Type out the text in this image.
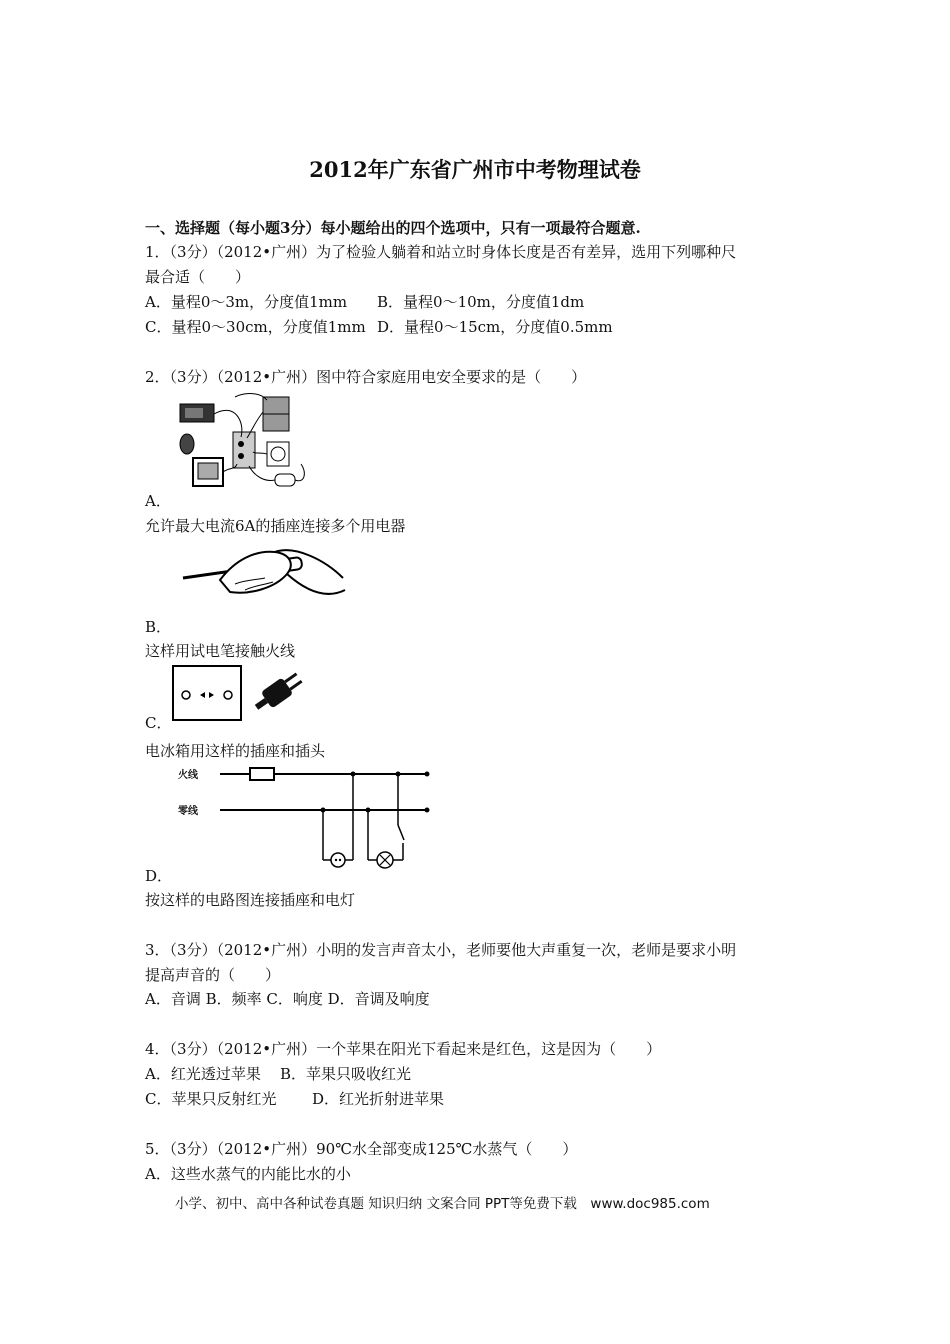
2012年广东省广州市中考物理试卷
一、选择题（每小题3分）每小题给出的四个选项中，只有一项最符合题意.
1．（3分）（2012•广州）为了检验人躺着和站立时身体长度是否有差异，选用下列哪种尺
最合适（　　）
A．量程0～3m，分度值1mm B．量程0～10m，分度值1dm
C．量程0～30cm，分度值1mm D．量程0～15cm，分度值0.5mm
2．（3分）（2012•广州）图中符合家庭用电安全要求的是（　　）
A．
允许最大电流6A的插座连接多个用电器
B．
这样用试电笔接触火线
C．
电冰箱用这样的插座和插头
火线
零线
D．
按这样的电路图连接插座和电灯
3．（3分）（2012•广州）小明的发言声音太小，老师要他大声重复一次，老师是要求小明
提高声音的（　　）
A．音调 B．频率 C．响度 D．音调及响度
4．（3分）（2012•广州）一个苹果在阳光下看起来是红色，这是因为（　　）
A．红光透过苹果 B．苹果只吸收红光
C．苹果只反射红光 D．红光折射进苹果
5．（3分）（2012•广州）90℃水全部变成125℃水蒸气（　　）
A．这些水蒸气的内能比水的小
小学、初中、高中各种试卷真题 知识归纳 文案合同 PPT等免费下载　www.doc985.com
